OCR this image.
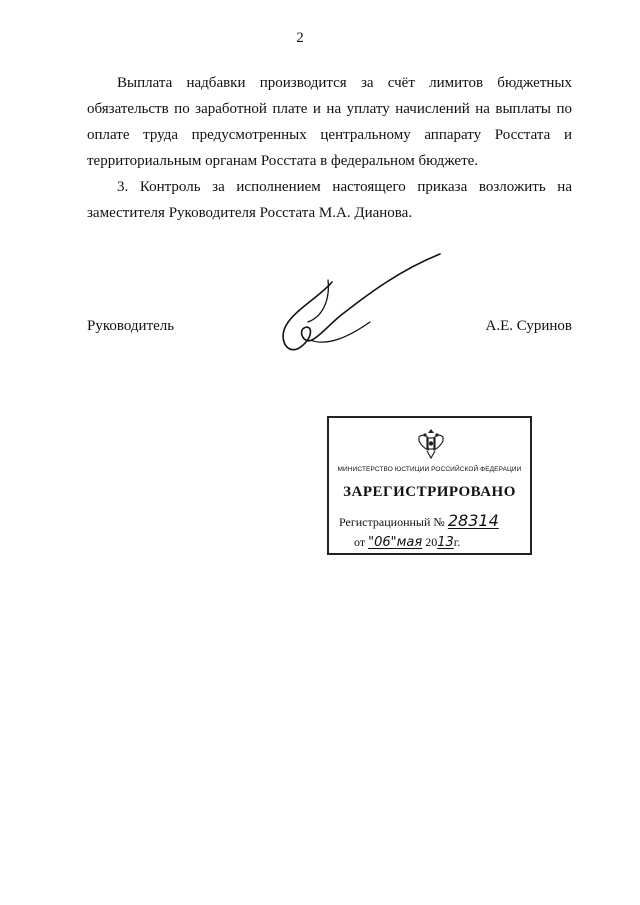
2

Выплата надбавки производится за счёт лимитов бюджетных обязательств по заработной плате и на уплату начислений на выплаты по оплате труда предусмотренных центральному аппарату Росстата и территориальным органам Росстата в федеральном бюджете.

3. Контроль за исполнением настоящего приказа возложить на заместителя Руководителя Росстата М.А. Дианова.

Руководитель	А.Е. Суринов
МИНИСТЕРСТВО ЮСТИЦИИ РОССИЙСКОЙ ФЕДЕРАЦИИ
ЗАРЕГИСТРИРОВАНО
Регистрационный № 28314
от "06"мая 2013г.
